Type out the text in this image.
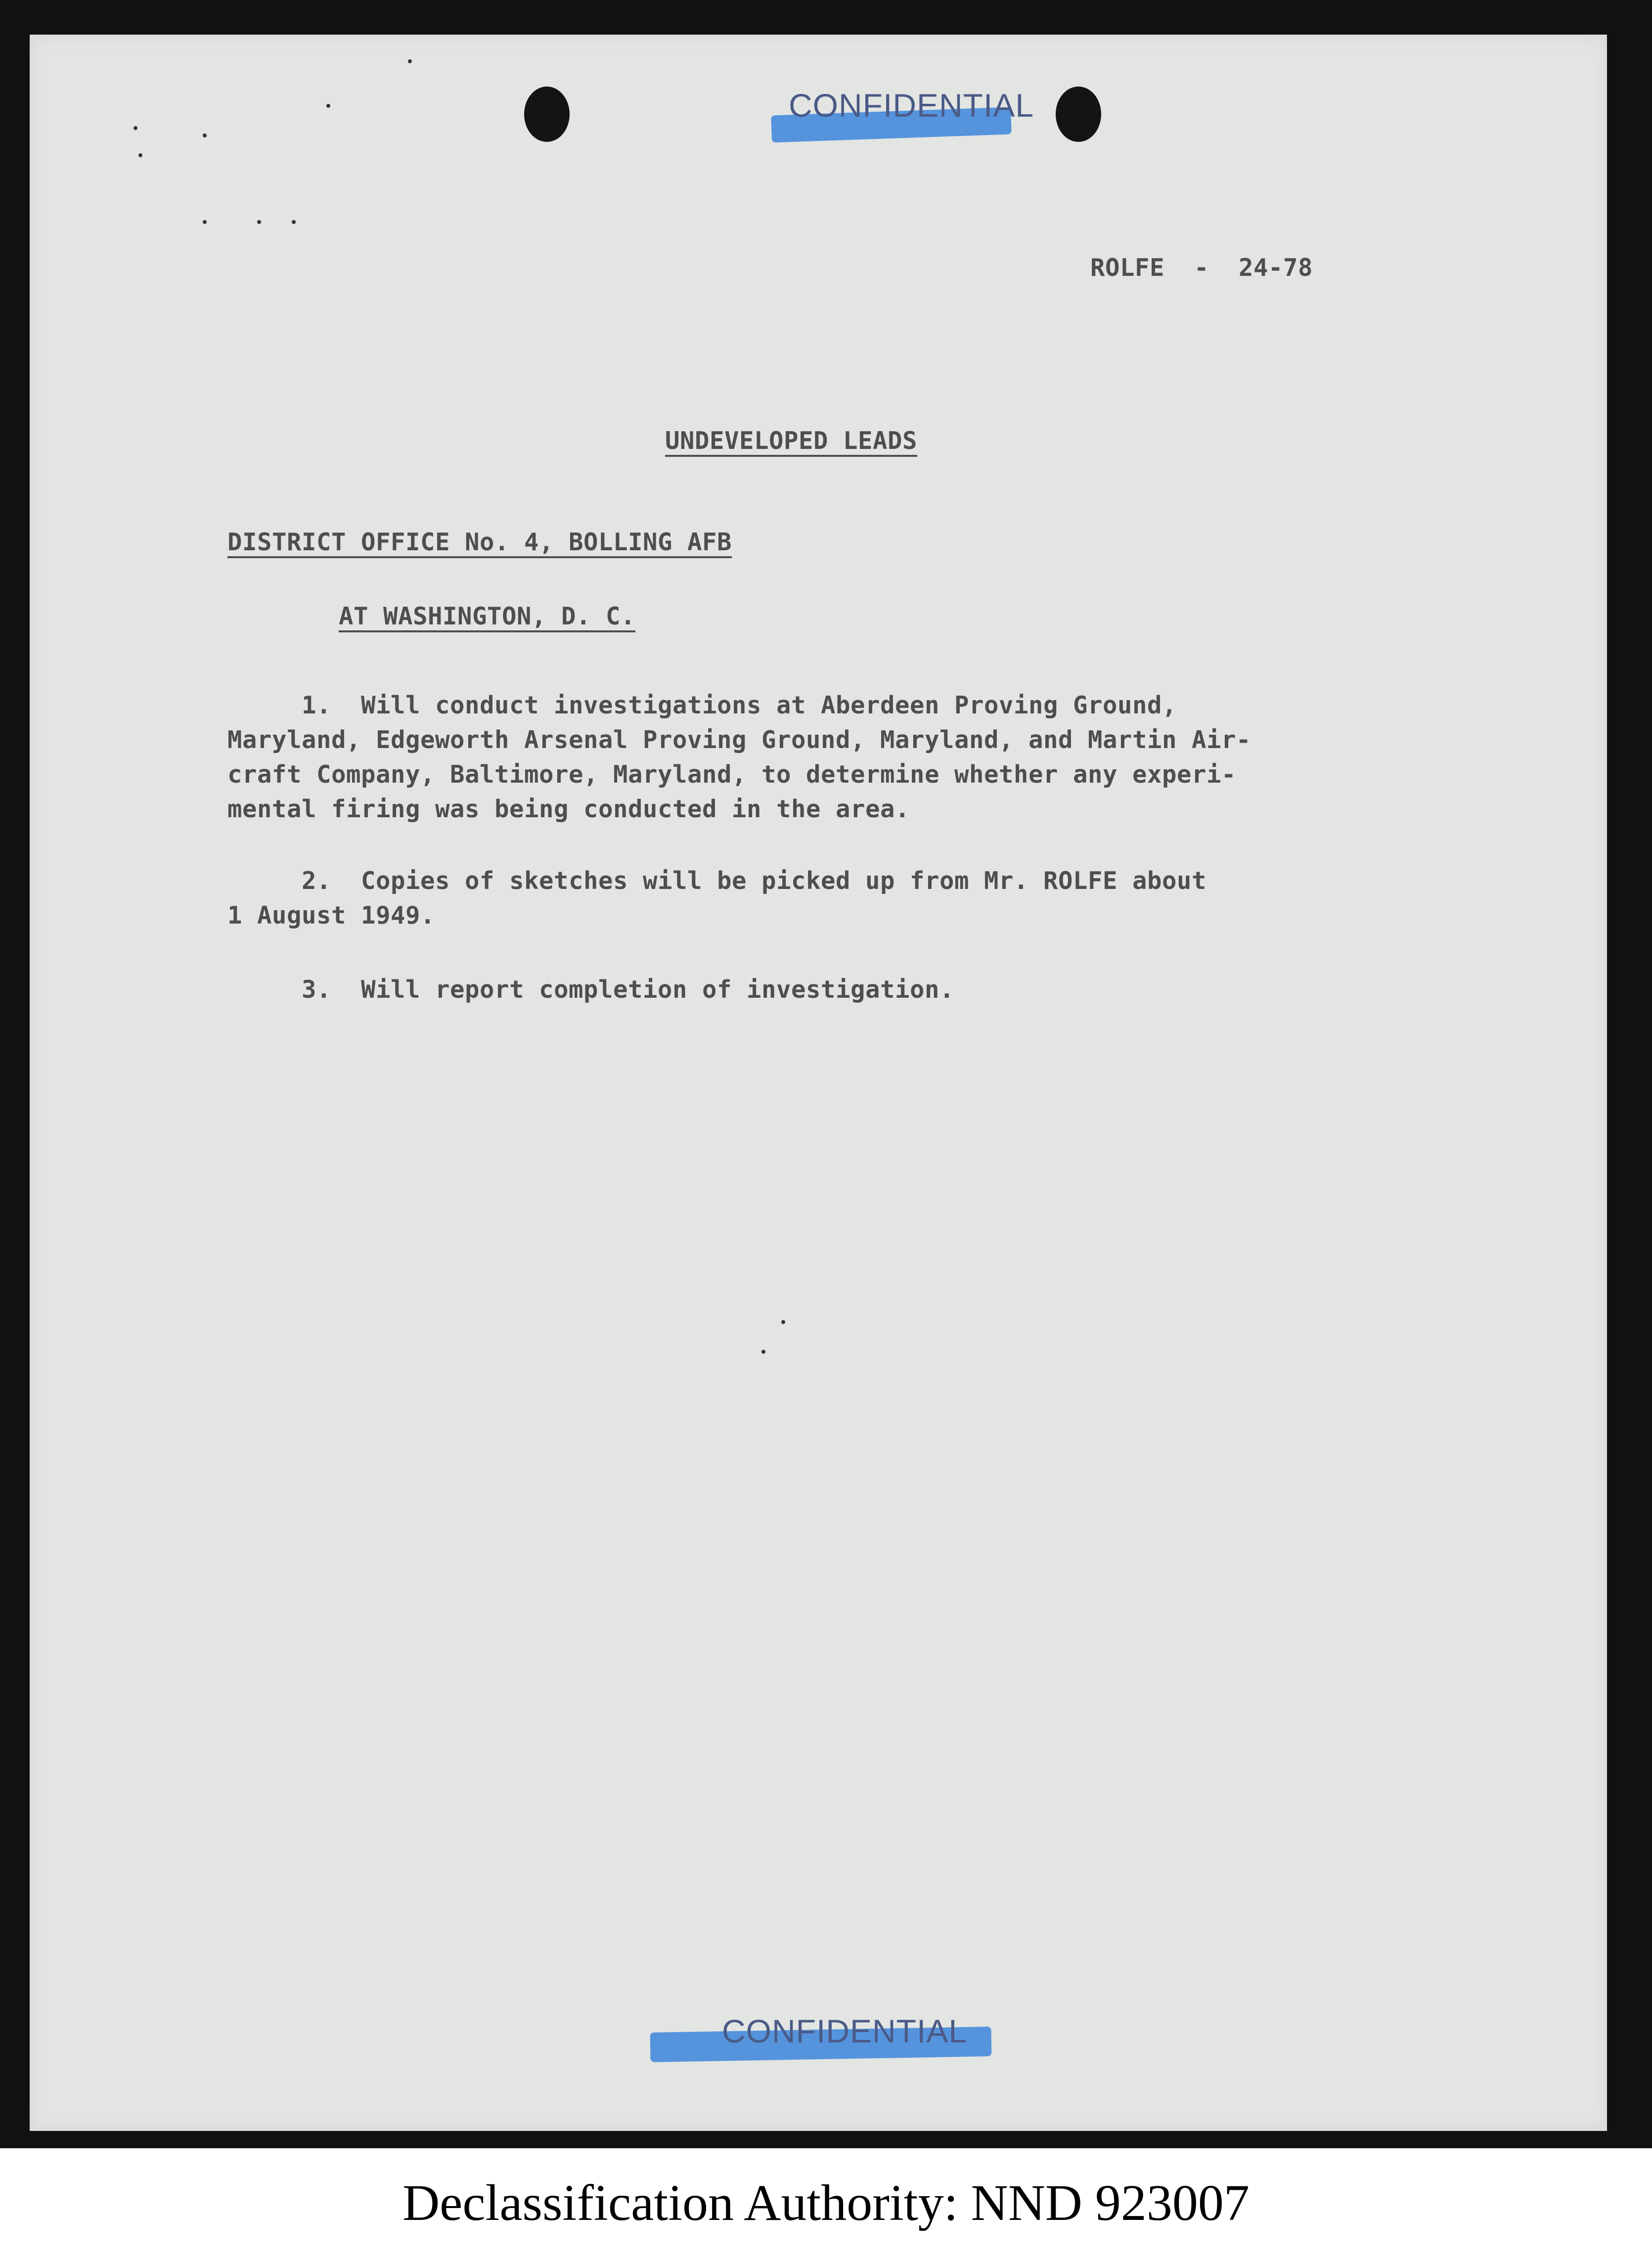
CONFIDENTIAL
ROLFE  -  24-78
UNDEVELOPED LEADS
DISTRICT OFFICE No. 4, BOLLING AFB
AT WASHINGTON, D. C.
1.  Will conduct investigations at Aberdeen Proving Ground,
Maryland, Edgeworth Arsenal Proving Ground, Maryland, and Martin Air-
craft Company, Baltimore, Maryland, to determine whether any experi-
mental firing was being conducted in the area.
2.  Copies of sketches will be picked up from Mr. ROLFE about
1 August 1949.
3.  Will report completion of investigation.
CONFIDENTIAL
Declassification Authority: NND 923007
